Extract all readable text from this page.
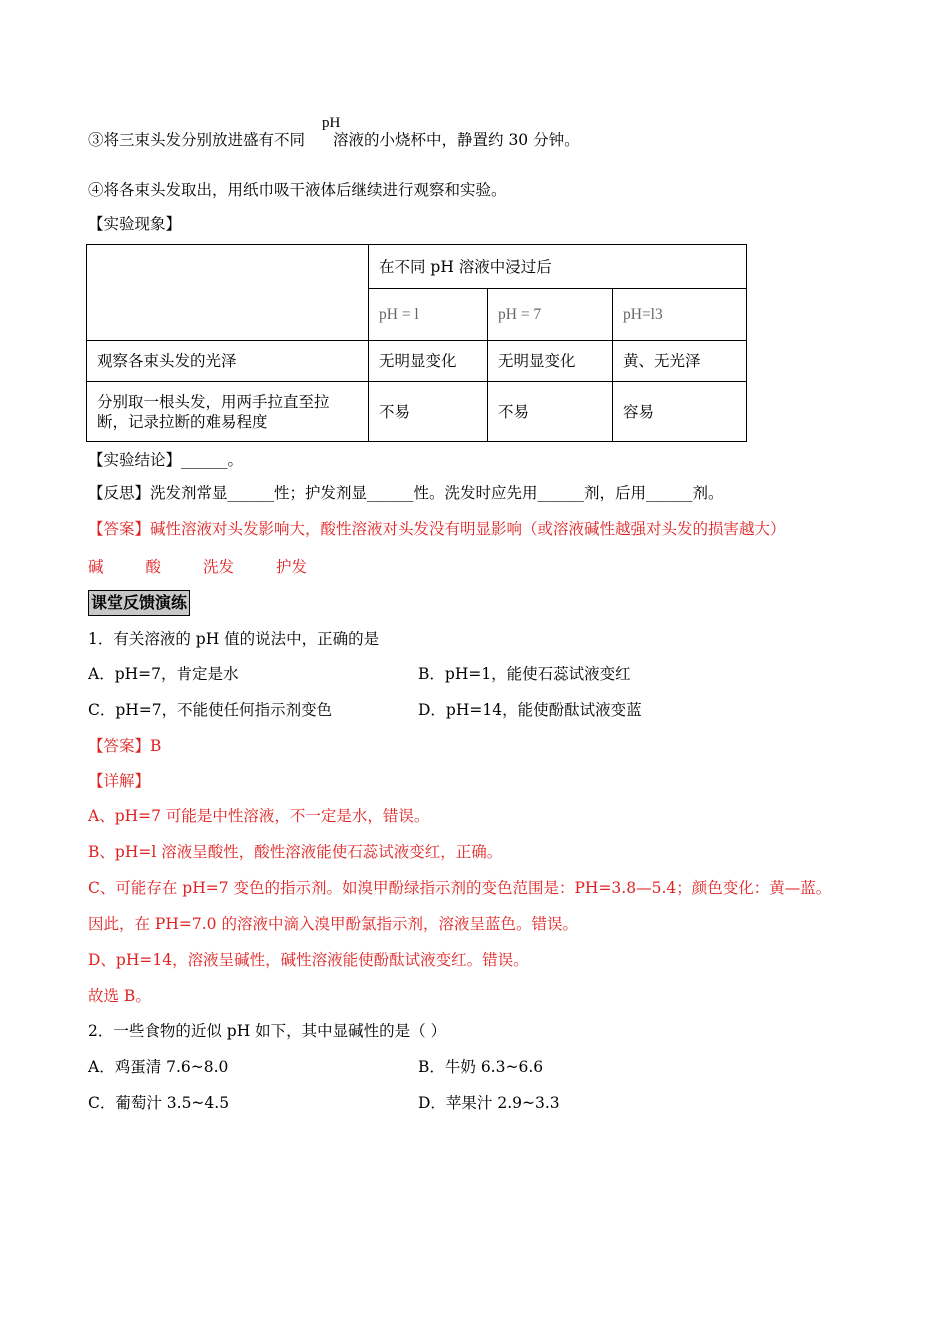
pH
③将三束头发分别放进盛有不同 溶液的小烧杯中，静置约 30 分钟。
④将各束头发取出，用纸巾吸干液体后继续进行观察和实验。
【实验现象】
	在不同 pH 溶液中浸过后		
	pH = l	pH = 7	pH=l3
观察各束头发的光泽	无明显变化	无明显变化	黄、无光泽
分别取一根头发，用两手拉直至拉断，记录拉断的难易程度	不易	不易	容易
【实验结论】______。
【反思】洗发剂常显______性；护发剂显______性。洗发时应先用______剂，后用______剂。
【答案】碱性溶液对头发影响大，酸性溶液对头发没有明显影响（或溶液碱性越强对头发的损害越大）
碱	酸	洗发	护发
课堂反馈演练
1．有关溶液的 pH 值的说法中，正确的是
A．pH=7，肯定是水	B．pH=1，能使石蕊试液变红
C．pH=7，不能使任何指示剂变色	D．pH=14，能使酚酞试液变蓝
【答案】B
【详解】
A、pH=7 可能是中性溶液，不一定是水，错误。
B、pH=l 溶液呈酸性，酸性溶液能使石蕊试液变红，正确。
C、可能存在 pH=7 变色的指示剂。如溴甲酚绿指示剂的变色范围是：PH=3.8—5.4；颜色变化：黄—蓝。
因此，在 PH=7.0 的溶液中滴入溴甲酚氯指示剂，溶液呈蓝色。错误。
D、pH=14，溶液呈碱性，碱性溶液能使酚酞试液变红。错误。
故选 B。
2．一些食物的近似 pH 如下，其中显碱性的是（ ）
A．鸡蛋清 7.6~8.0	B．牛奶 6.3~6.6
C．葡萄汁 3.5~4.5	D．苹果汁 2.9~3.3
